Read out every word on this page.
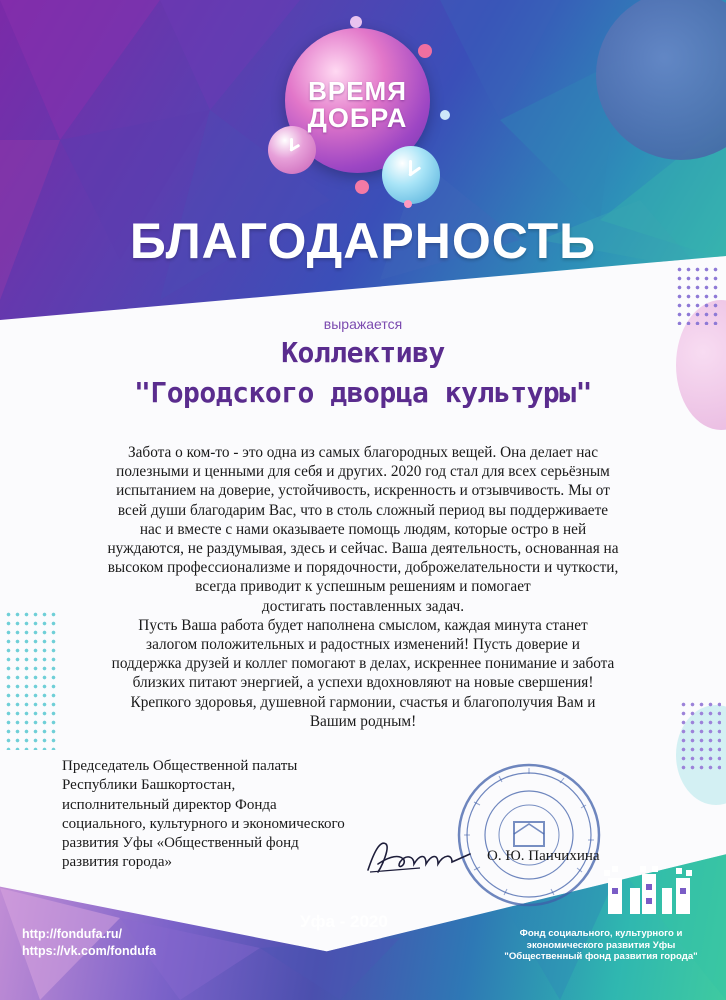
ВРЕМЯ
ДОБРА
БЛАГОДАРНОСТЬ
выражается
Коллективу
"Городского дворца культуры"
Забота о ком-то - это одна из самых благородных вещей. Она делает нас
полезными и ценными для себя и других. 2020 год стал для всех серьёзным
испытанием на доверие, устойчивость, искренность и отзывчивость. Мы от
всей души благодарим Вас, что в столь сложный период вы поддерживаете
нас и вместе с нами оказываете помощь людям, которые остро в ней
нуждаются, не раздумывая, здесь и сейчас. Ваша деятельность, основанная на
высоком профессионализме и порядочности, доброжелательности и чуткости,
всегда приводит к успешным решениям и помогает
достигать поставленных задач.
Пусть Ваша работа будет наполнена смыслом, каждая минута станет
залогом положительных и радостных изменений! Пусть доверие и
поддержка друзей и коллег помогают в делах, искреннее понимание и забота
близких питают энергией, а успехи вдохновляют на новые свершения!
Крепкого здоровья, душевной гармонии, счастья и благополучия Вам и
Вашим родным!
Председатель Общественной палаты
Республики Башкортостан,
исполнительный директор Фонда
социального, культурного и экономического
развития Уфы «Общественный фонд
развития города»	О. Ю. Панчихина
http://fondufa.ru/
https://vk.com/fondufa
Уфа - 2020
Фонд социального, культурного и
экономического развития Уфы
"Общественный фонд развития города"
